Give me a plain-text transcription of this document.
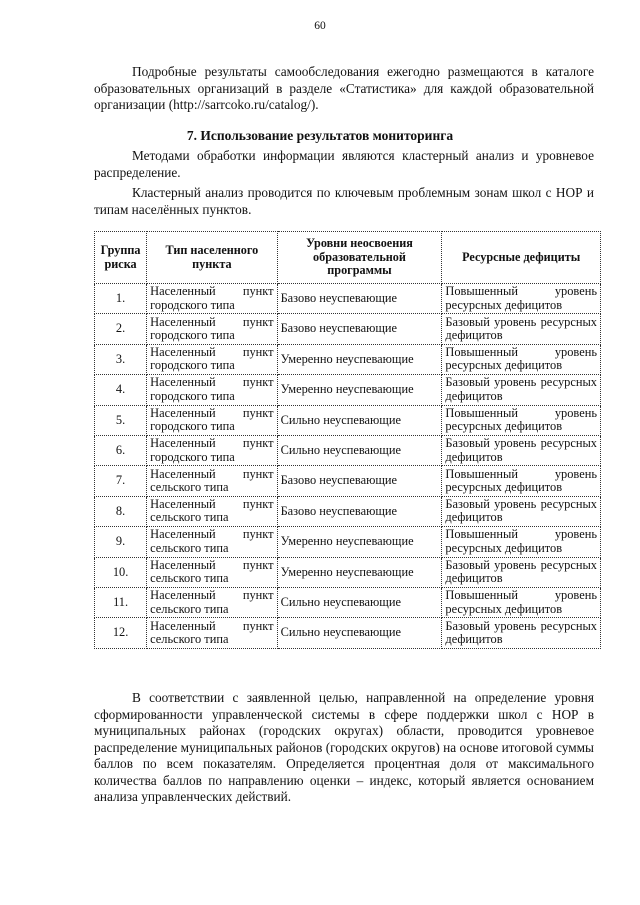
60

Подробные результаты самообследования ежегодно размещаются в каталоге образовательных организаций в разделе «Статистика» для каждой образовательной организации (http://sarrcoko.ru/catalog/).

7. Использование результатов мониторинга

Методами обработки информации являются кластерный анализ и уровневое распределение.

Кластерный анализ проводится по ключевым проблемным зонам школ с НОР и типам населённых пунктов.

Группа риска	Тип населенного пункта	Уровни неосвоения образовательной программы	Ресурсные дефициты
1.	Населенный пункт городского типа	Базово неуспевающие	Повышенный уровень ресурсных дефицитов
2.	Населенный пункт городского типа	Базово неуспевающие	Базовый уровень ресурсных дефицитов
3.	Населенный пункт городского типа	Умеренно неуспевающие	Повышенный уровень ресурсных дефицитов
4.	Населенный пункт городского типа	Умеренно неуспевающие	Базовый уровень ресурсных дефицитов
5.	Населенный пункт городского типа	Сильно неуспевающие	Повышенный уровень ресурсных дефицитов
6.	Населенный пункт городского типа	Сильно неуспевающие	Базовый уровень ресурсных дефицитов
7.	Населенный пункт сельского типа	Базово неуспевающие	Повышенный уровень ресурсных дефицитов
8.	Населенный пункт сельского типа	Базово неуспевающие	Базовый уровень ресурсных дефицитов
9.	Населенный пункт сельского типа	Умеренно неуспевающие	Повышенный уровень ресурсных дефицитов
10.	Населенный пункт сельского типа	Умеренно неуспевающие	Базовый уровень ресурсных дефицитов
11.	Населенный пункт сельского типа	Сильно неуспевающие	Повышенный уровень ресурсных дефицитов
12.	Населенный пункт сельского типа	Сильно неуспевающие	Базовый уровень ресурсных дефицитов

В соответствии с заявленной целью, направленной на определение уровня сформированности управленческой системы в сфере поддержки школ с НОР в муниципальных районах (городских округах) области, проводится уровневое распределение муниципальных районов (городских округов) на основе итоговой суммы баллов по всем показателям. Определяется процентная доля от максимального количества баллов по направлению оценки – индекс, который является основанием анализа управленческих действий.
